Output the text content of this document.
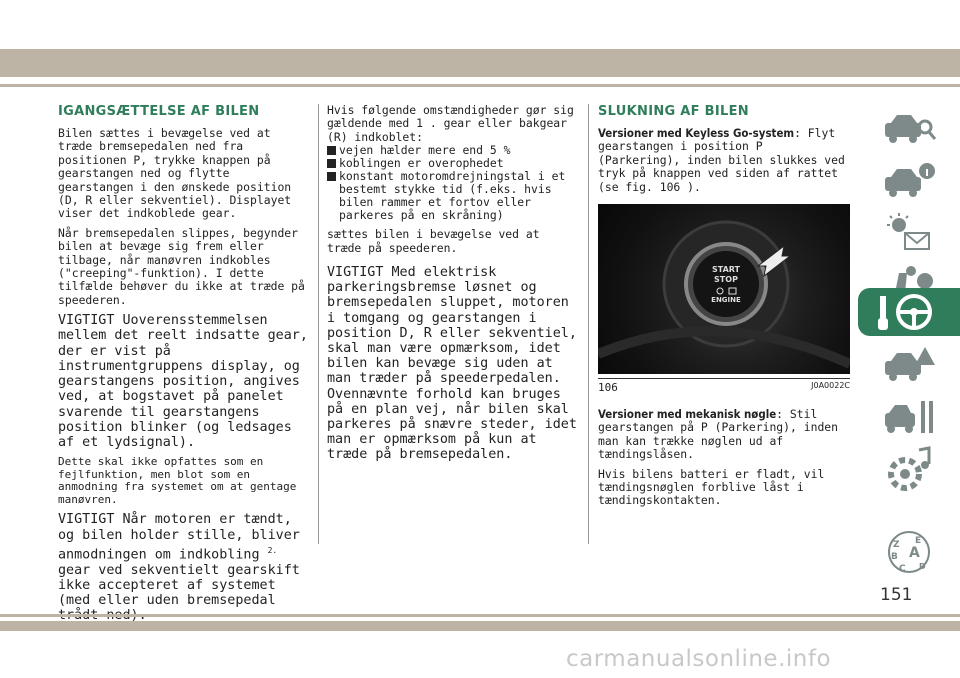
IGANGSÆTTELSE AF BILEN

Bilen sættes i bevægelse ved at træde bremsepedalen ned fra positionen P, trykke knappen på gearstangen ned og flytte gearstangen i den ønskede position (D, R eller sekventiel). Displayet viser det indkoblede gear.

Når bremsepedalen slippes, begynder bilen at bevæge sig frem eller tilbage, når manøvren indkobles ("creeping"-funktion). I dette tilfælde behøver du ikke at træde på speederen.

VIGTIGT Uoverensstemmelsen mellem det reelt indsatte gear, der er vist på instrumentgruppens display, og gearstangens position, angives ved, at bogstavet på panelet svarende til gearstangens position blinker (og ledsages af et lydsignal).

Dette skal ikke opfattes som en fejlfunktion, men blot som en anmodning fra systemet om at gentage manøvren.

VIGTIGT Når motoren er tændt, og bilen holder stille, bliver anmodningen om indkobling $^{2.}$ gear ved sekventielt gearskift ikke accepteret af systemet (med eller uden bremsepedal

Hvis følgende omstændigheder gør sig gældende med 1 . gear eller bakgear (R) indkoblet:

vejen hælder mere end 5 %
koblingen er overophedet
konstant motoromdrejningstal i et bestemt stykke tid (f.eks. hvis bilen rammer et fortov eller parkeres på en skråning)

sættes bilen i bevægelse ved at træde på speederen.

VIGTIGT Med elektrisk parkeringsbremse løsnet og bremsepedalen sluppet, motoren i tomgang og gearstangen i position D, R eller sekventiel, skal man være opmærksom, idet bilen kan bevæge sig uden at man træder på speederpedalen. Ovennævnte forhold kan bruges på en plan vej, når bilen skal parkeres på snævre steder, idet man er opmærksom på kun at træde på bremsepedalen.

SLUKNING AF BILEN

Versioner med Keyless Go-system: Flyt gearstangen i position P (Parkering), inden bilen slukkes ved tryk på knappen ved siden af rattet (se fig. 106 ).

START
STOP
ENGINE
106	J0A0022C

Versioner med mekanisk nøgle: Stil gearstangen på P (Parkering), inden man kan trække nøglen ud af tændingslåsen.

Hvis bilens batteri er fladt, vil tændingsnøglen forblive låst i tændingskontakten.

Z E
B A
C D
151
carmanualsonline.info
